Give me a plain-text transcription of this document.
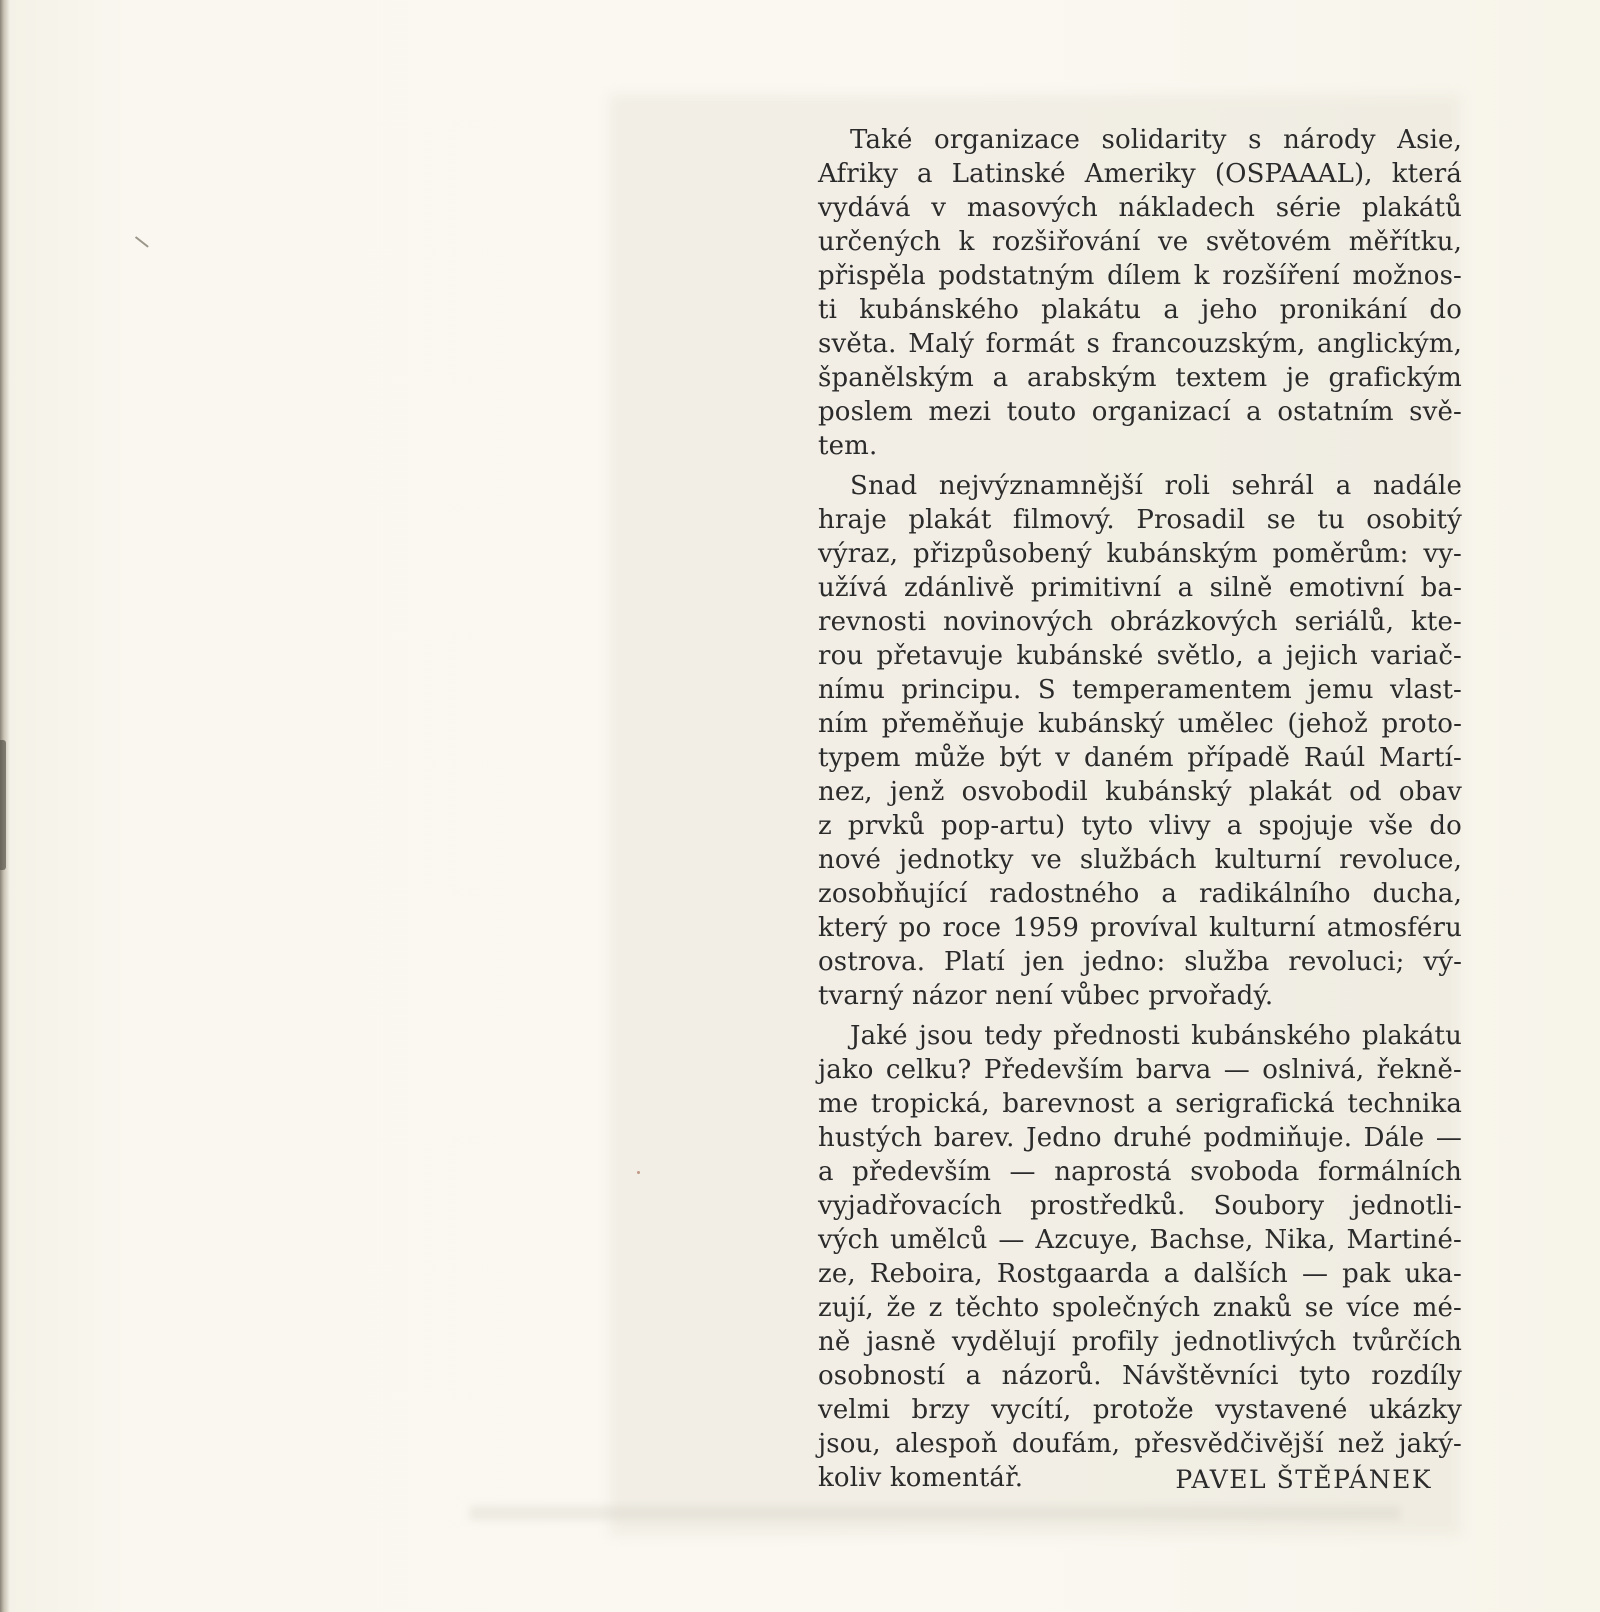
Také organizace solidarity s národy Asie,
Afriky a Latinské Ameriky (OSPAAAL), která
vydává v masových nákladech série plakátů
určených k rozšiřování ve světovém měřítku,
přispěla podstatným dílem k rozšíření možnos-
ti kubánského plakátu a jeho pronikání do
světa. Malý formát s francouzským, anglickým,
španělským a arabským textem je grafickým
poslem mezi touto organizací a ostatním svě-
tem.
Snad nejvýznamnější roli sehrál a nadále
hraje plakát filmový. Prosadil se tu osobitý
výraz, přizpůsobený kubánským poměrům: vy-
užívá zdánlivě primitivní a silně emotivní ba-
revnosti novinových obrázkových seriálů, kte-
rou přetavuje kubánské světlo, a jejich variač-
nímu principu. S temperamentem jemu vlast-
ním přeměňuje kubánský umělec (jehož proto-
typem může být v daném případě Raúl Martí-
nez, jenž osvobodil kubánský plakát od obav
z prvků pop-artu) tyto vlivy a spojuje vše do
nové jednotky ve službách kulturní revoluce,
zosobňující radostného a radikálního ducha,
který po roce 1959 províval kulturní atmosféru
ostrova. Platí jen jedno: služba revoluci; vý-
tvarný názor není vůbec prvořadý.
Jaké jsou tedy přednosti kubánského plakátu
jako celku? Především barva — oslnivá, řekně-
me tropická, barevnost a serigrafická technika
hustých barev. Jedno druhé podmiňuje. Dále —
a především — naprostá svoboda formálních
vyjadřovacích prostředků. Soubory jednotli-
vých umělců — Azcuye, Bachse, Nika, Martiné-
ze, Reboira, Rostgaarda a dalších — pak uka-
zují, že z těchto společných znaků se více mé-
ně jasně vydělují profily jednotlivých tvůrčích
osobností a názorů. Návštěvníci tyto rozdíly
velmi brzy vycítí, protože vystavené ukázky
jsou, alespoň doufám, přesvědčivější než jaký-
koliv komentář.	PAVEL ŠTĚPÁNEK
